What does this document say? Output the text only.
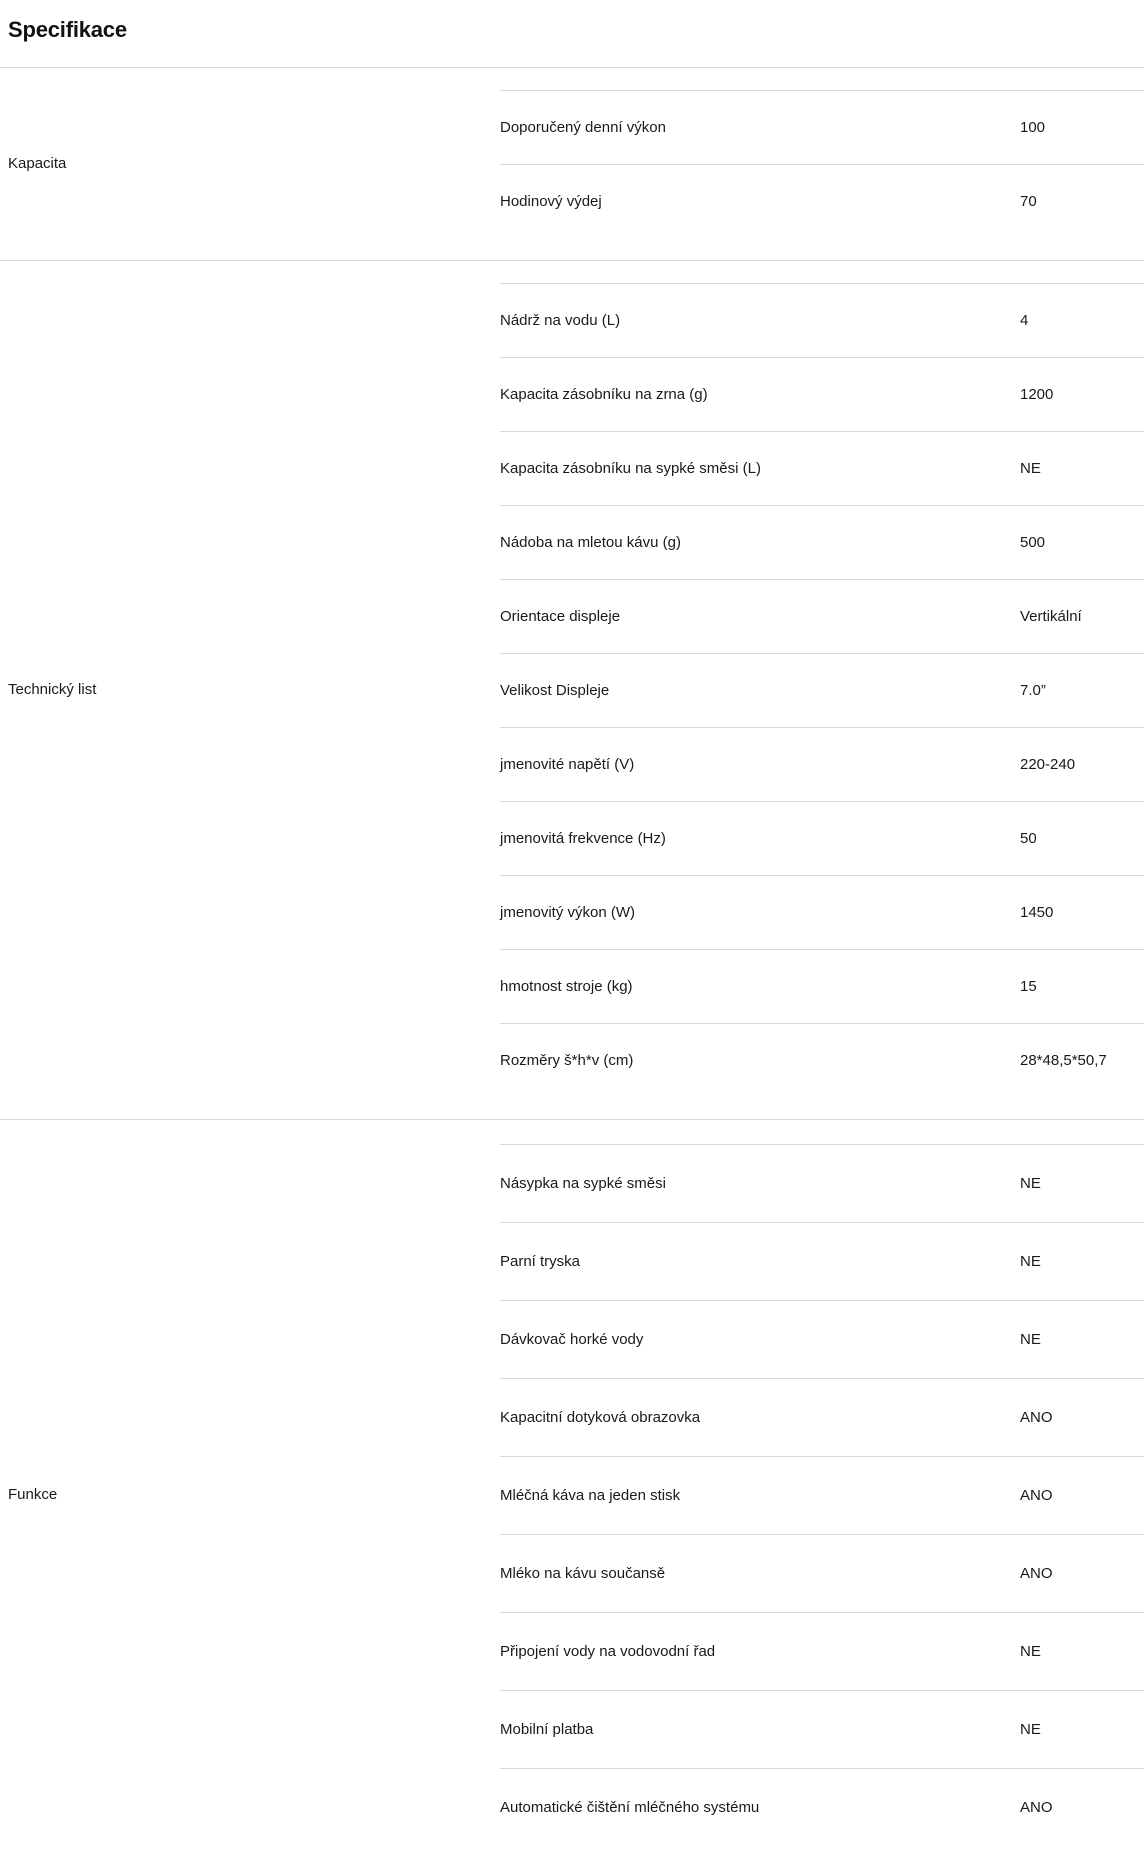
Specifikace
Kapacita	
Doporučený denní výkon	100
Hodinový výdej	70

Technický list	
Nádrž na vodu (L)	4
Kapacita zásobníku na zrna (g)	1200
Kapacita zásobníku na sypké směsi (L)	NE
Nádoba na mletou kávu (g)	500
Orientace displeje	Vertikální
Velikost Displeje	7.0”
jmenovité napětí (V)	220-240
jmenovitá frekvence (Hz)	50
jmenovitý výkon (W)	1450
hmotnost stroje (kg)	15
Rozměry š*h*v (cm)	28*48,5*50,7

Funkce	
Násypka na sypké směsi	NE
Parní tryska	NE
Dávkovač horké vody	NE
Kapacitní dotyková obrazovka	ANO
Mléčná káva na jeden stisk	ANO
Mléko na kávu součansě	ANO
Připojení vody na vodovodní řad	NE
Mobilní platba	NE
Automatické čištění mléčného systému	ANO
